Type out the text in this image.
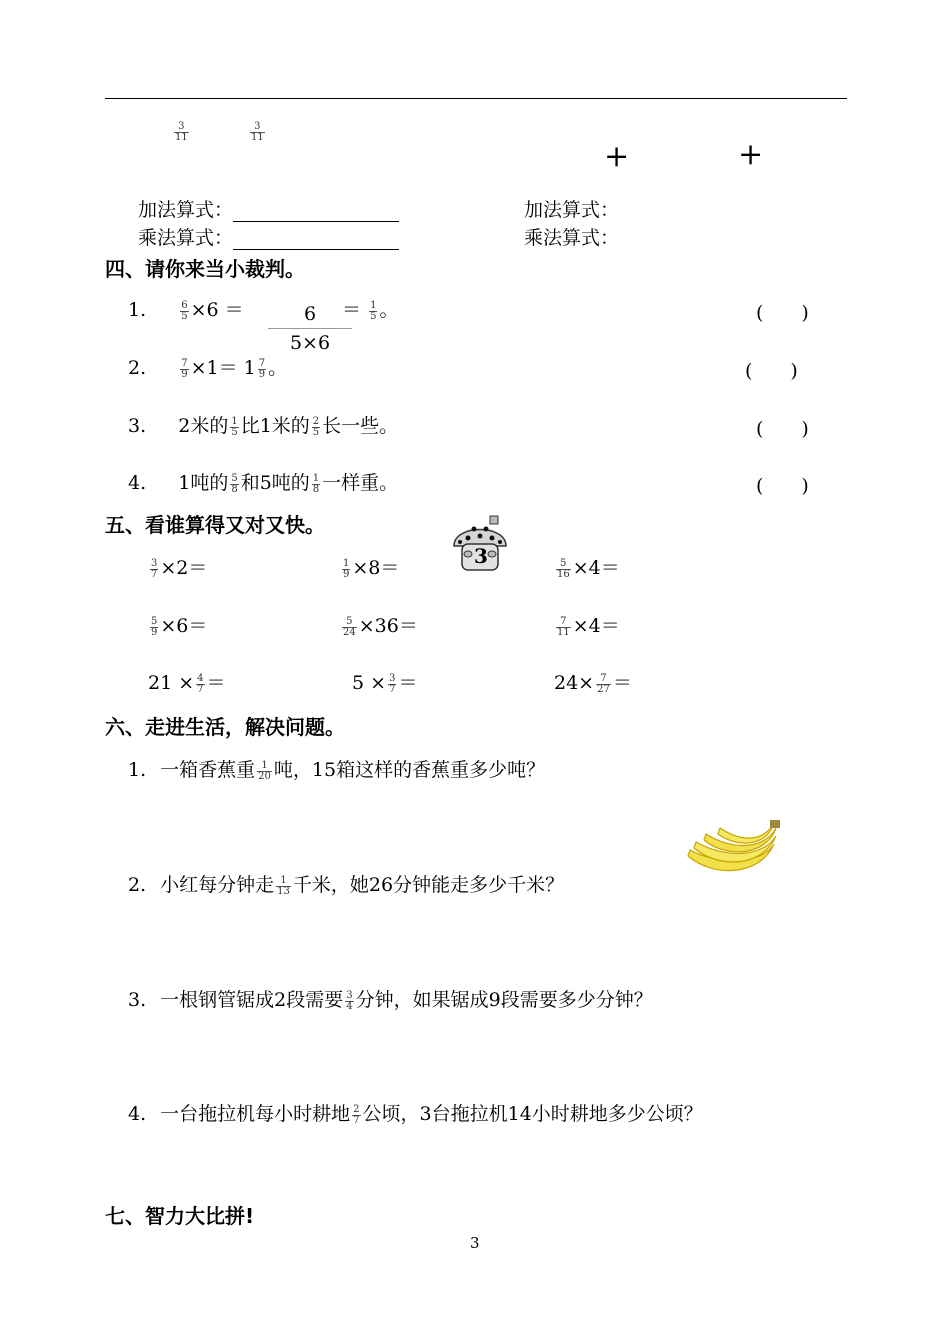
$\frac{3}{11}$	$\frac{3}{11}$
+	+
加法算式：
乘法算式：
加法算式：
乘法算式：
四、请你来当小裁判。
1.	$\frac{6}{5} \times 6$ ＝	6
5×6
＝ $\frac{1}{5}$ 。	(　　)
2.	$\frac{7}{9} \times 1= 1 \frac{7}{9}$ 。	(　　)
3. 2米的 $\frac{1}{5}$ 比1米的 $\frac{2}{5}$ 长一些。	(　　)
4. 1吨的 $\frac{5}{8}$ 和5吨的 $\frac{1}{8}$ 一样重。	(　　)
五、看谁算得又对又快。
3
$\frac{3}{7} \times 2=$	$\frac{1}{9} \times 8=$	$\frac{5}{16} \times 4=$
$\frac{5}{9} \times 6=$	$\frac{5}{24} \times 36=$	$\frac{7}{11} \times 4=$
$21 \times \frac{4}{7}$ ＝	$5 \times \frac{3}{7}$ ＝	$24\times \frac{7}{27}$ ＝
六、走进生活，解决问题。
1. 一箱香蕉重 $\frac{1}{20}$ 吨，15箱这样的香蕉重多少吨？
2. 小红每分钟走 $\frac{1}{13}$ 千米，她26分钟能走多少千米？
3. 一根钢管锯成2段需要 $\frac{3}{4}$ 分钟，如果锯成9段需要多少分钟？
4. 一台拖拉机每小时耕地 $\frac{2}{7}$ 公顷，3台拖拉机14小时耕地多少公顷？
七、智力大比拼!
3
